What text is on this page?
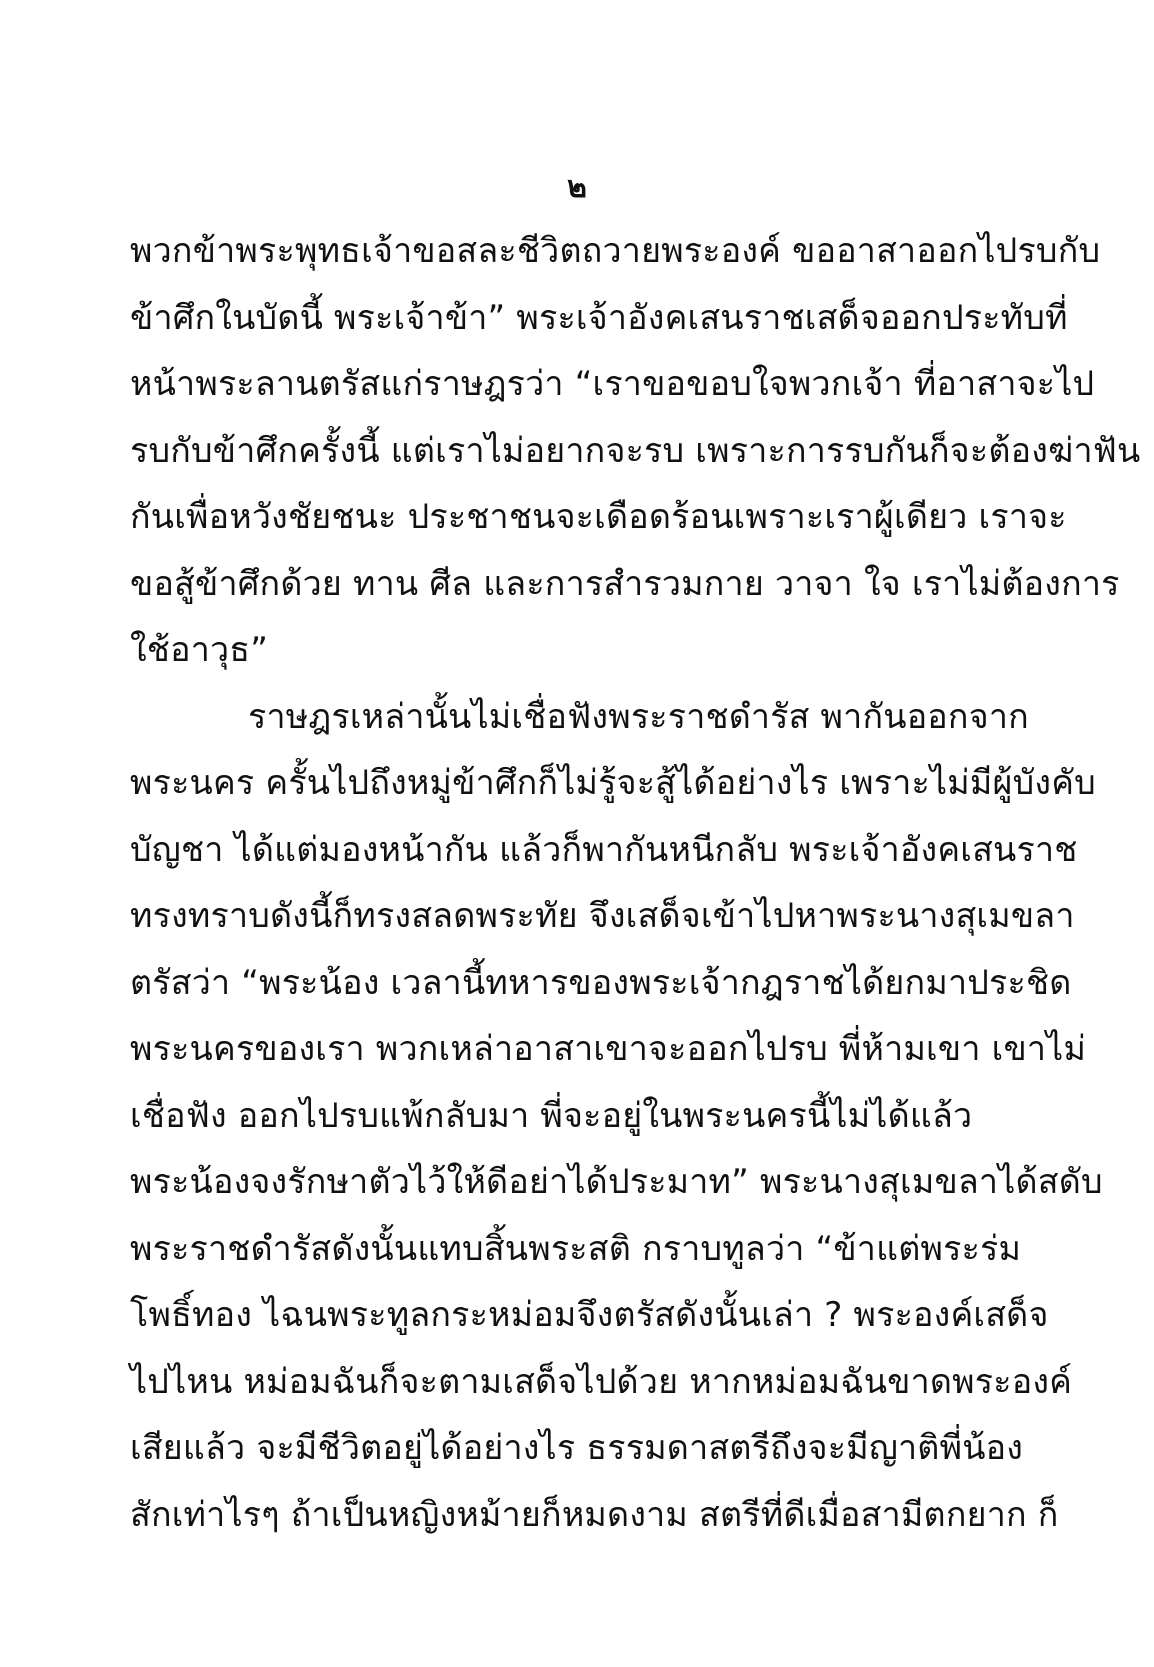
๒
พวกข้าพระพุทธเจ้าขอสละชีวิตถวายพระองค์ ขออาสาออกไปรบกับ
ข้าศึกในบัดนี้ พระเจ้าข้า” พระเจ้าอังคเสนราชเสด็จออกประทับที่
หน้าพระลานตรัสแก่ราษฎรว่า “เราขอขอบใจพวกเจ้า ที่อาสาจะไป
รบกับข้าศึกครั้งนี้ แต่เราไม่อยากจะรบ เพราะการรบกันก็จะต้องฆ่าฟัน
กันเพื่อหวังชัยชนะ ประชาชนจะเดือดร้อนเพราะเราผู้เดียว เราจะ
ขอสู้ข้าศึกด้วย ทาน ศีล และการสำรวมกาย วาจา ใจ เราไม่ต้องการ
ใช้อาวุธ”
ราษฎรเหล่านั้นไม่เชื่อฟังพระราชดำรัส พากันออกจาก
พระนคร ครั้นไปถึงหมู่ข้าศึกก็ไม่รู้จะสู้ได้อย่างไร เพราะไม่มีผู้บังคับ
บัญชา ได้แต่มองหน้ากัน แล้วก็พากันหนีกลับ พระเจ้าอังคเสนราช
ทรงทราบดังนี้ก็ทรงสลดพระทัย จึงเสด็จเข้าไปหาพระนางสุเมขลา
ตรัสว่า “พระน้อง เวลานี้ทหารของพระเจ้ากฎราชได้ยกมาประชิด
พระนครของเรา พวกเหล่าอาสาเขาจะออกไปรบ พี่ห้ามเขา เขาไม่
เชื่อฟัง ออกไปรบแพ้กลับมา พี่จะอยู่ในพระนครนี้ไม่ได้แล้ว
พระน้องจงรักษาตัวไว้ให้ดีอย่าได้ประมาท” พระนางสุเมขลาได้สดับ
พระราชดำรัสดังนั้นแทบสิ้นพระสติ กราบทูลว่า “ข้าแต่พระร่ม
โพธิ์ทอง ไฉนพระทูลกระหม่อมจึงตรัสดังนั้นเล่า ? พระองค์เสด็จ
ไปไหน หม่อมฉันก็จะตามเสด็จไปด้วย หากหม่อมฉันขาดพระองค์
เสียแล้ว จะมีชีวิตอยู่ได้อย่างไร ธรรมดาสตรีถึงจะมีญาติพี่น้อง
สักเท่าไรๆ ถ้าเป็นหญิงหม้ายก็หมดงาม สตรีที่ดีเมื่อสามีตกยาก ก็
